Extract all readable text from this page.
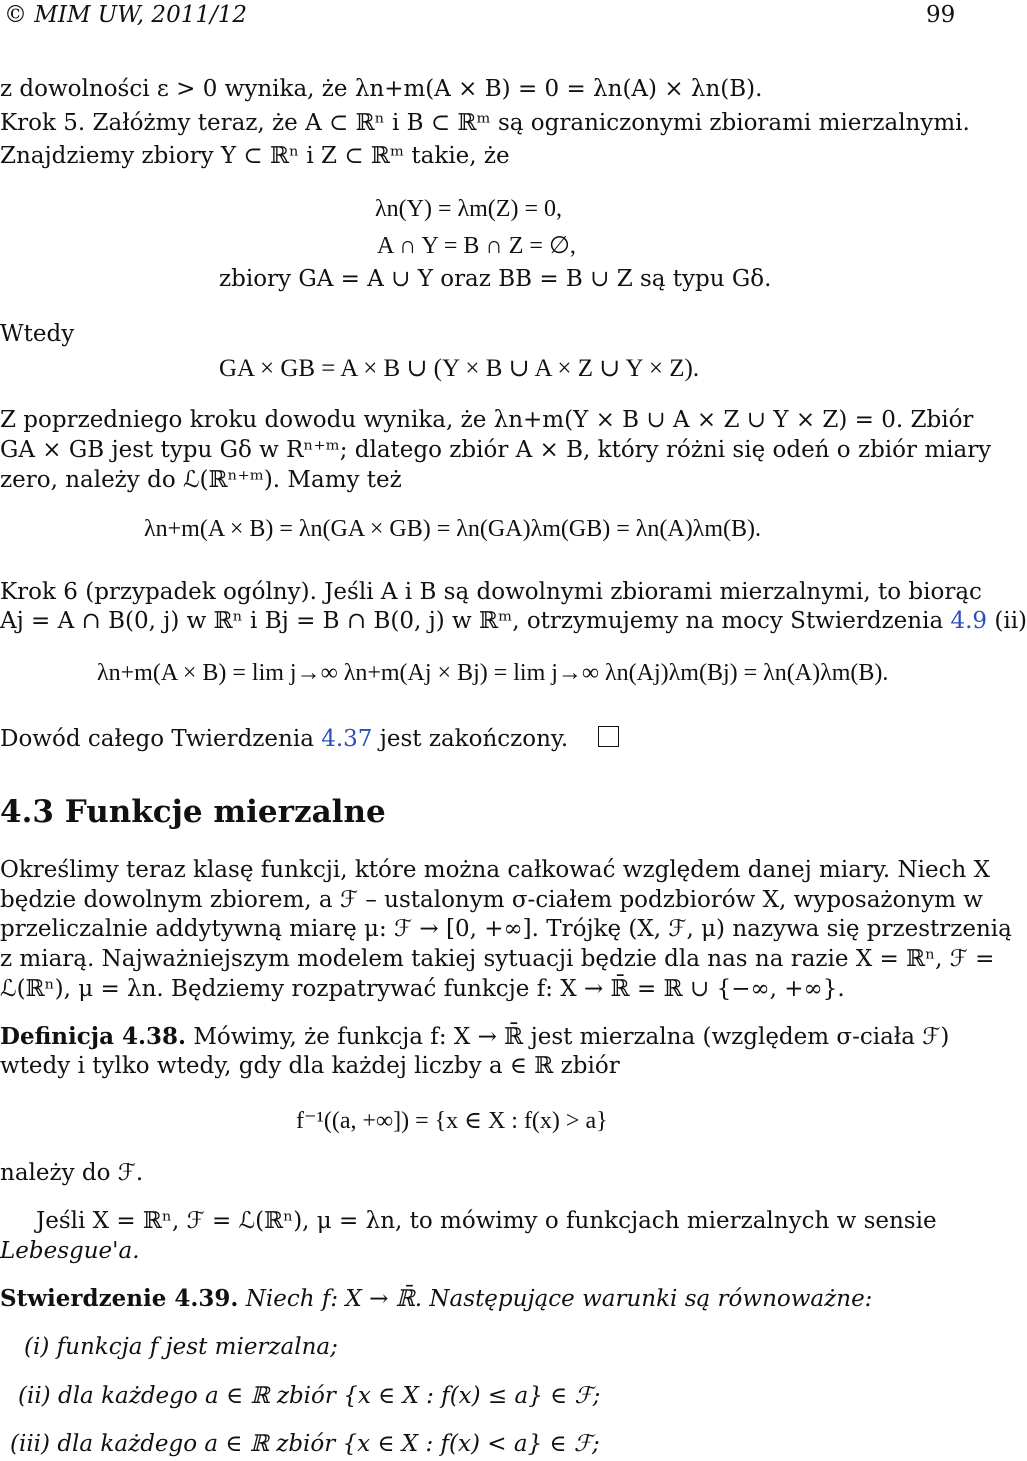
© MIM UW, 2011/12	99
z dowolności ε > 0 wynika, że λn+m(A × B) = 0 = λn(A) × λn(B).
Krok 5. Załóżmy teraz, że A ⊂ ℝⁿ i B ⊂ ℝᵐ są ograniczonymi zbiorami mierzalnymi.
Znajdziemy zbiory Y ⊂ ℝⁿ i Z ⊂ ℝᵐ takie, że
λn(Y) = λm(Z) = 0,
A ∩ Y = B ∩ Z = ∅,
zbiory GA = A ∪ Y oraz BB = B ∪ Z są typu Gδ.
Wtedy
GA × GB = A × B ∪ (Y × B ∪ A × Z ∪ Y × Z).
Z poprzedniego kroku dowodu wynika, że λn+m(Y × B ∪ A × Z ∪ Y × Z) = 0. Zbiór
GA × GB jest typu Gδ w Rⁿ⁺ᵐ; dlatego zbiór A × B, który różni się odeń o zbiór miary
zero, należy do ℒ(ℝⁿ⁺ᵐ). Mamy też
λn+m(A × B) = λn(GA × GB) = λn(GA)λm(GB) = λn(A)λm(B).
Krok 6 (przypadek ogólny). Jeśli A i B są dowolnymi zbiorami mierzalnymi, to biorąc
Aj = A ∩ B(0, j) w ℝⁿ i Bj = B ∩ B(0, j) w ℝᵐ, otrzymujemy na mocy Stwierdzenia 4.9 (ii)
λn+m(A × B) = lim j→∞ λn+m(Aj × Bj) = lim j→∞ λn(Aj)λm(Bj) = λn(A)λm(B).
Dowód całego Twierdzenia 4.37 jest zakończony.
4.3 Funkcje mierzalne
Określimy teraz klasę funkcji, które można całkować względem danej miary. Niech X
będzie dowolnym zbiorem, a ℱ – ustalonym σ-ciałem podzbiorów X, wyposażonym w
przeliczalnie addytywną miarę μ: ℱ → [0, +∞]. Trójkę (X, ℱ, μ) nazywa się przestrzenią
z miarą. Najważniejszym modelem takiej sytuacji będzie dla nas na razie X = ℝⁿ, ℱ =
ℒ(ℝⁿ), μ = λn. Będziemy rozpatrywać funkcje f: X → ℝ̄ = ℝ ∪ {−∞, +∞}.
Definicja 4.38. Mówimy, że funkcja f: X → ℝ̄ jest mierzalna (względem σ-ciała ℱ)
wtedy i tylko wtedy, gdy dla każdej liczby a ∈ ℝ zbiór
f⁻¹((a, +∞]) = {x ∈ X : f(x) > a}
należy do ℱ.
Jeśli X = ℝⁿ, ℱ = ℒ(ℝⁿ), μ = λn, to mówimy o funkcjach mierzalnych w sensie
Lebesgue'a.
Stwierdzenie 4.39. Niech f: X → ℝ̄. Następujące warunki są równoważne:
(i) funkcja f jest mierzalna;
(ii) dla każdego a ∈ ℝ zbiór {x ∈ X : f(x) ≤ a} ∈ ℱ;
(iii) dla każdego a ∈ ℝ zbiór {x ∈ X : f(x) < a} ∈ ℱ;
